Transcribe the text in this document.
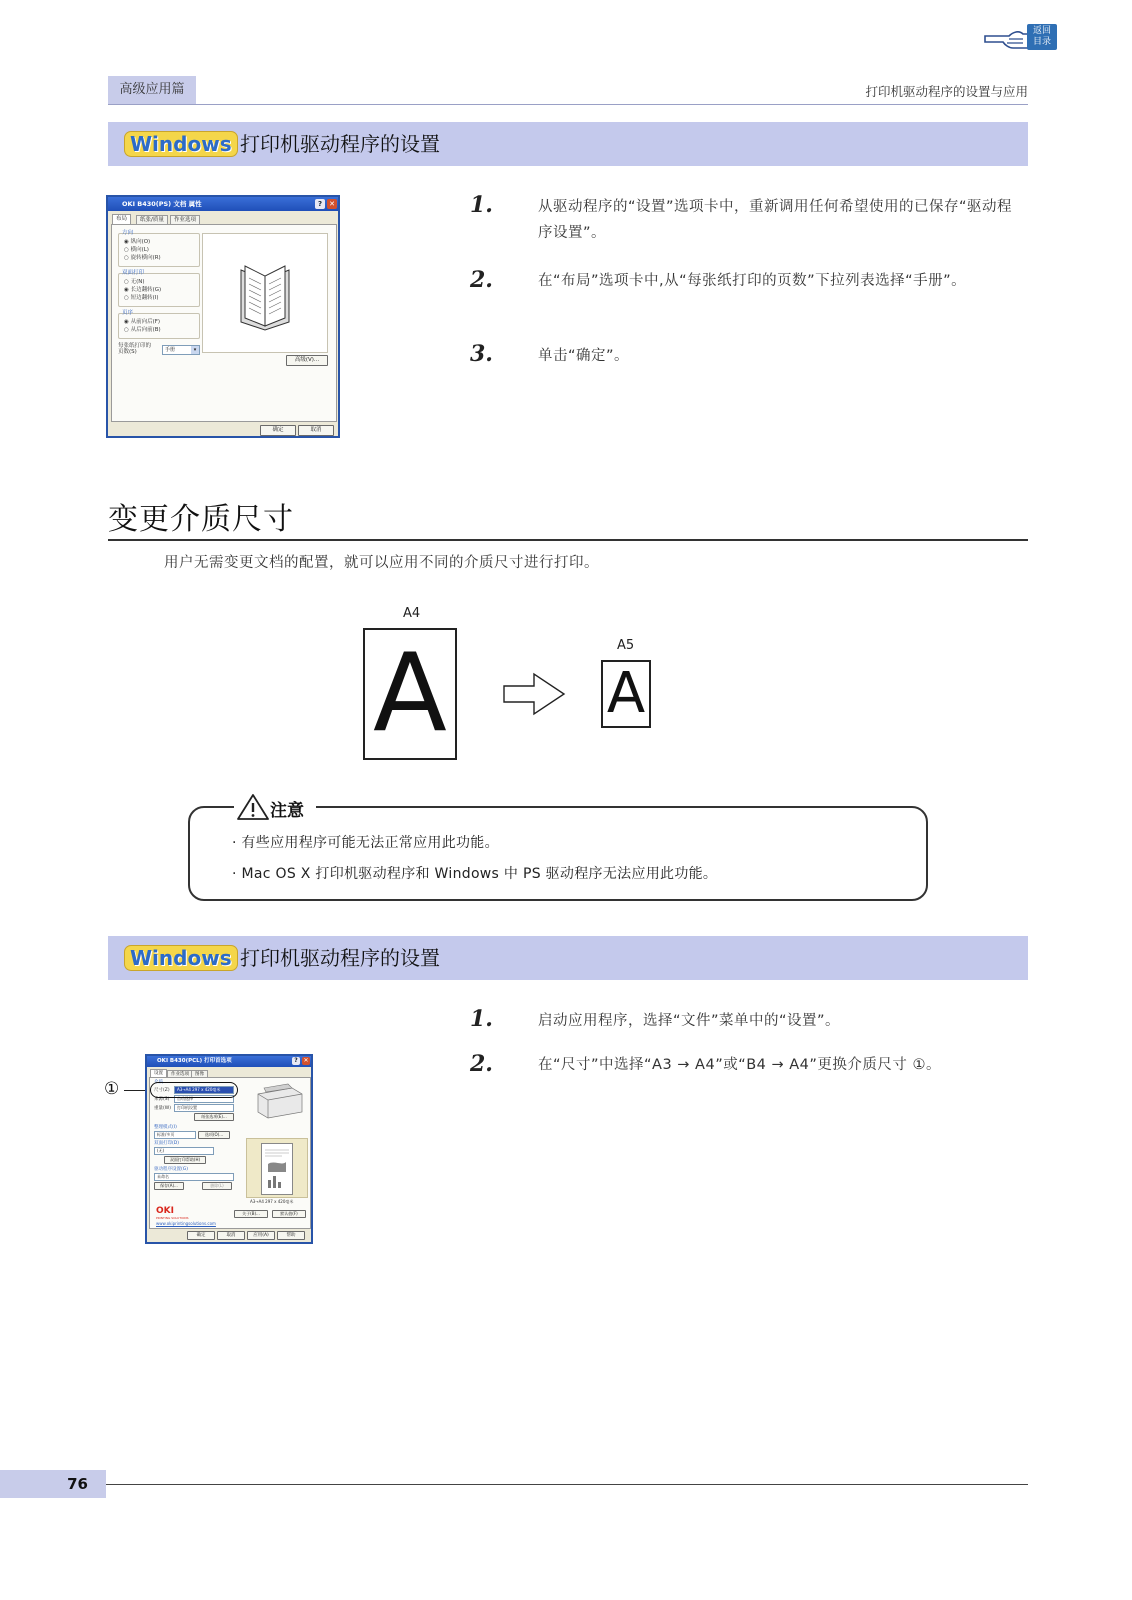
返回
目录
高级应用篇	打印机驱动程序的设置与应用
Windows 打印机驱动程序的设置
OKI B430(PS) 文档 属性	?	✕
布局	纸张/质量	作业选项
方向
◉ 纵向(O)
○ 横向(L)
○ 旋转横向(R)
双面打印
○ 无(N)
◉ 长边翻转(G)
○ 短边翻转(I)
页序
◉ 从前向后(F)
○ 从后向前(B)
每张纸打印的页数(S)	手册	▾
高级(V)...
确定	取消
1.	从驱动程序的“设置”选项卡中，重新调用任何希望使用的已保存“驱动程序设置”。
2.	在“布局”选项卡中,从“每张纸打印的页数”下拉列表选择“手册”。
3.	单击“确定”。
变更介质尺寸
用户无需变更文档的配置，就可以应用不同的介质尺寸进行打印。
A4
A	A5
A
注意
· 有些应用程序可能无法正常应用此功能。
· Mac OS X 打印机驱动程序和 Windows 中 PS 驱动程序无法应用此功能。
Windows 打印机驱动程序的设置
1.	启动应用程序，选择“文件”菜单中的“设置”。
2.	在“尺寸”中选择“A3 → A4”或“B4 → A4”更换介质尺寸 ①。
①
OKI B430(PCL) 打印首选项	? ✕
设置	作业选项	图像
介质
尺寸(Z)	A3→A4 297 x 420毫米
来源(S)	自动选择
重量(W)	打印机设置
纸张选项(E)...
整理模式(I)
标准/多页	选项(O)...
双面打印(D)
(无)
双面打印帮助(H)
驱动程序设置(G)
未命名
保存(A)...	删除(L)
A3→A4 297 x 420毫米
OKI
PRINTING SOLUTIONS
www.okiprintingsolutions.com
关于(B)...	默认值(F)
确定	取消	应用(A)	帮助
76
